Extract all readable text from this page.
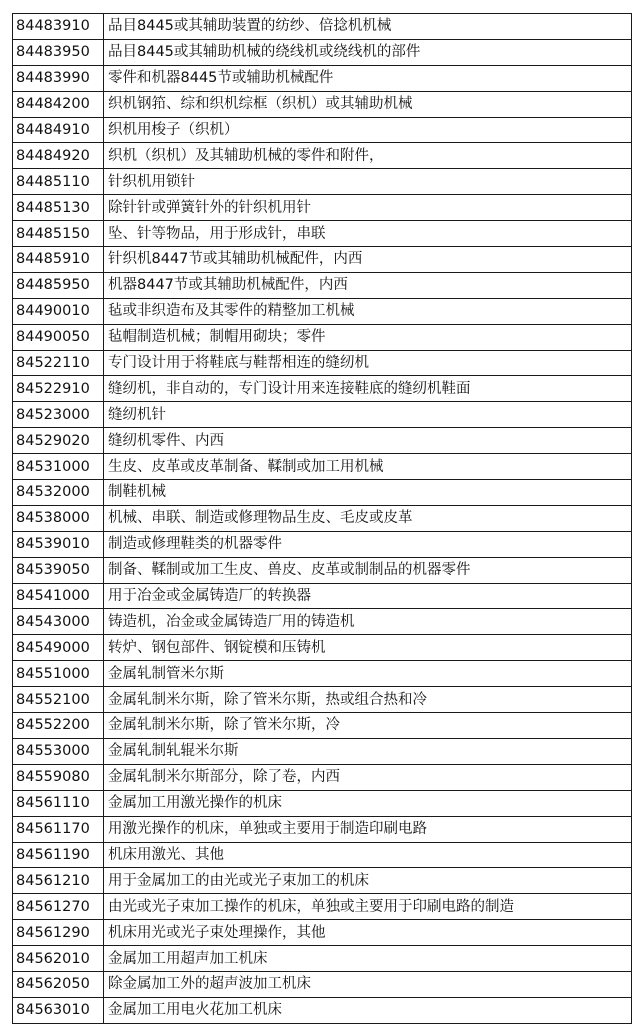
84483910	品目8445或其辅助装置的纺纱、倍捻机机械
84483950	品目8445或其辅助机械的绕线机或绕线机的部件
84483990	零件和机器8445节或辅助机械配件
84484200	织机钢筘、综和织机综框（织机）或其辅助机械
84484910	织机用梭子（织机）
84484920	织机（织机）及其辅助机械的零件和附件，
84485110	针织机用锁针
84485130	除针针或弹簧针外的针织机用针
84485150	坠、针等物品，用于形成针，串联
84485910	针织机8447节或其辅助机械配件，内西
84485950	机器8447节或其辅助机械配件，内西
84490010	毡或非织造布及其零件的精整加工机械
84490050	毡帽制造机械；制帽用砌块；零件
84522110	专门设计用于将鞋底与鞋帮相连的缝纫机
84522910	缝纫机，非自动的，专门设计用来连接鞋底的缝纫机鞋面
84523000	缝纫机针
84529020	缝纫机零件、内西
84531000	生皮、皮革或皮革制备、鞣制或加工用机械
84532000	制鞋机械
84538000	机械、串联、制造或修理物品生皮、毛皮或皮革
84539010	制造或修理鞋类的机器零件
84539050	制备、鞣制或加工生皮、兽皮、皮革或制制品的机器零件
84541000	用于冶金或金属铸造厂的转换器
84543000	铸造机，冶金或金属铸造厂用的铸造机
84549000	转炉、钢包部件、钢锭模和压铸机
84551000	金属轧制管米尔斯
84552100	金属轧制米尔斯，除了管米尔斯，热或组合热和冷
84552200	金属轧制米尔斯，除了管米尔斯，冷
84553000	金属轧制轧辊米尔斯
84559080	金属轧制米尔斯部分，除了卷，内西
84561110	金属加工用激光操作的机床
84561170	用激光操作的机床，单独或主要用于制造印刷电路
84561190	机床用激光、其他
84561210	用于金属加工的由光或光子束加工的机床
84561270	由光或光子束加工操作的机床，单独或主要用于印刷电路的制造
84561290	机床用光或光子束处理操作，其他
84562010	金属加工用超声加工机床
84562050	除金属加工外的超声波加工机床
84563010	金属加工用电火花加工机床
